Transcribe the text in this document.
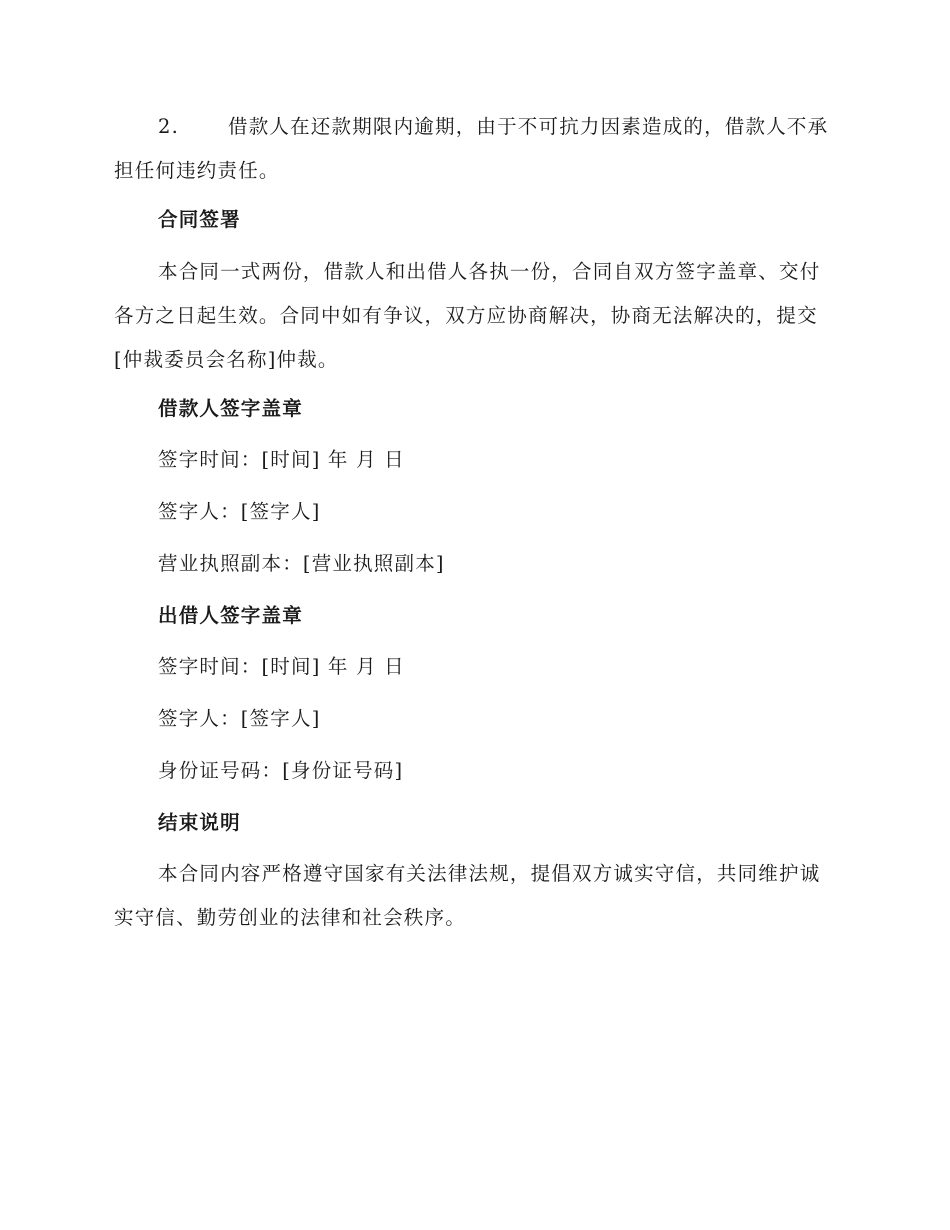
2.	借款人在还款期限内逾期，由于不可抗力因素造成的，借款人不承担任何违约责任。

合同签署

本合同一式两份，借款人和出借人各执一份，合同自双方签字盖章、交付各方之日起生效。合同中如有争议，双方应协商解决，协商无法解决的，提交[仲裁委员会名称]仲裁。

借款人签字盖章

签字时间：[时间] 年 月 日

签字人：[签字人]

营业执照副本：[营业执照副本]

出借人签字盖章

签字时间：[时间] 年 月 日

签字人：[签字人]

身份证号码：[身份证号码]

结束说明

本合同内容严格遵守国家有关法律法规，提倡双方诚实守信，共同维护诚实守信、勤劳创业的法律和社会秩序。
